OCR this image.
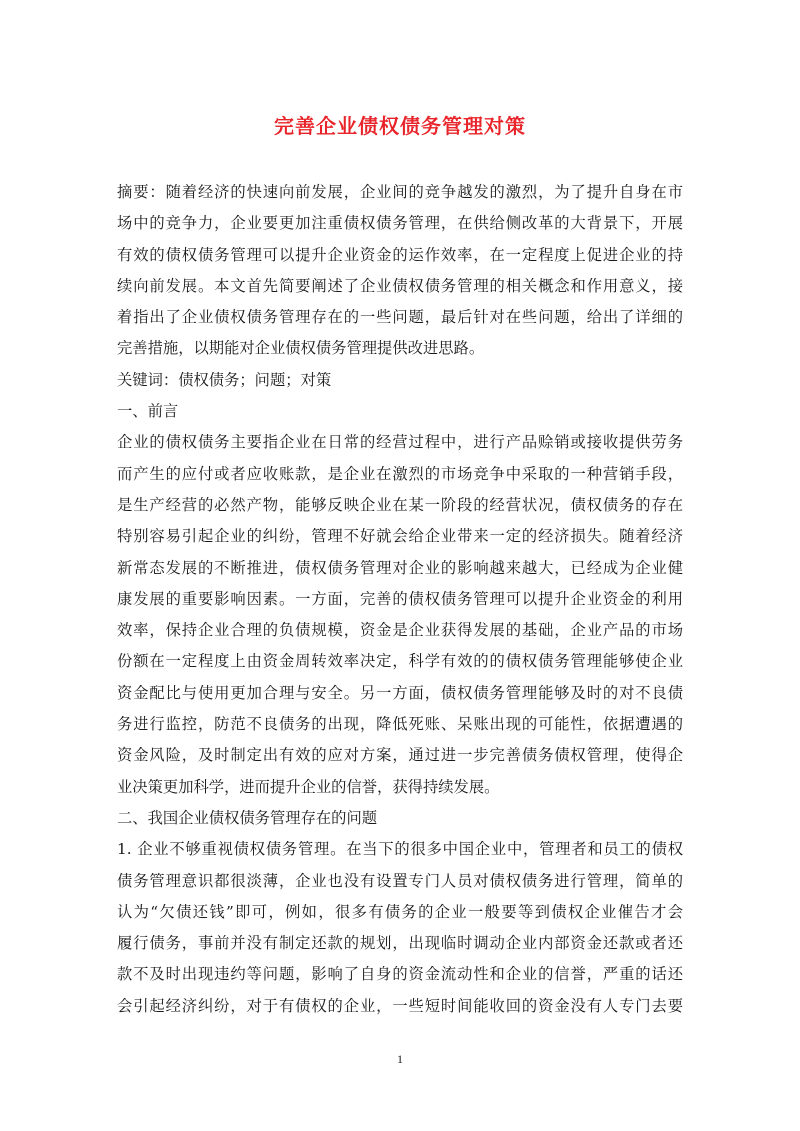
完善企业债权债务管理对策
摘要：随着经济的快速向前发展，企业间的竞争越发的激烈，为了提升自身在市
场中的竞争力，企业要更加注重债权债务管理，在供给侧改革的大背景下，开展
有效的债权债务管理可以提升企业资金的运作效率，在一定程度上促进企业的持
续向前发展。本文首先简要阐述了企业债权债务管理的相关概念和作用意义，接
着指出了企业债权债务管理存在的一些问题，最后针对在些问题，给出了详细的
完善措施，以期能对企业债权债务管理提供改进思路。
关键词：债权债务；问题；对策
一、前言
企业的债权债务主要指企业在日常的经营过程中，进行产品赊销或接收提供劳务
而产生的应付或者应收账款，是企业在激烈的市场竞争中采取的一种营销手段，
是生产经营的必然产物，能够反映企业在某一阶段的经营状况，债权债务的存在
特别容易引起企业的纠纷，管理不好就会给企业带来一定的经济损失。随着经济
新常态发展的不断推进，债权债务管理对企业的影响越来越大，已经成为企业健
康发展的重要影响因素。一方面，完善的债权债务管理可以提升企业资金的利用
效率，保持企业合理的负债规模，资金是企业获得发展的基础，企业产品的市场
份额在一定程度上由资金周转效率决定，科学有效的的债权债务管理能够使企业
资金配比与使用更加合理与安全。另一方面，债权债务管理能够及时的对不良债
务进行监控，防范不良债务的出现，降低死账、呆账出现的可能性，依据遭遇的
资金风险，及时制定出有效的应对方案，通过进一步完善债务债权管理，使得企
业决策更加科学，进而提升企业的信誉，获得持续发展。
二、我国企业债权债务管理存在的问题
1. 企业不够重视债权债务管理。在当下的很多中国企业中，管理者和员工的债权
债务管理意识都很淡薄，企业也没有设置专门人员对债权债务进行管理，简单的
认为“欠债还钱”即可，例如，很多有债务的企业一般要等到债权企业催告才会
履行债务，事前并没有制定还款的规划，出现临时调动企业内部资金还款或者还
款不及时出现违约等问题，影响了自身的资金流动性和企业的信誉，严重的话还
会引起经济纠纷，对于有债权的企业，一些短时间能收回的资金没有人专门去要
1
